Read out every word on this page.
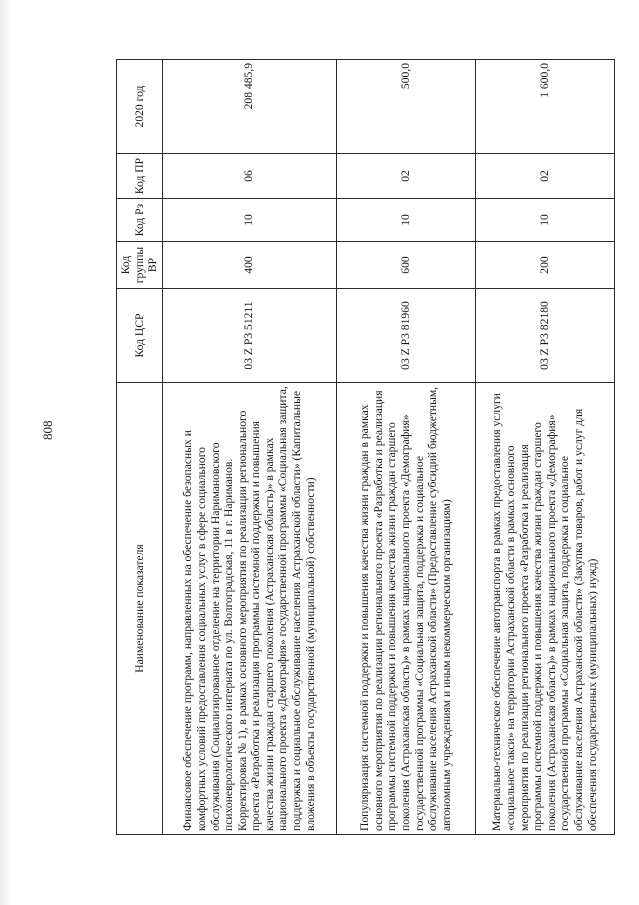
808
Наименование показателя	Код ЦСР	Код группы ВР	Код Рз	Код ПР	2020 год
Финансовое обеспечение программ, направленных на обеспечение безопасных и комфортных условий предоставления социальных услуг в сфере социального обслуживания (Социализированное отделение на территории Наримановского психоневрологического интерната по ул. Волгоградская, 11 в г. Нариманов. Корректировка № 1), в рамках основного мероприятия по реализации регионального проекта «Разработка и реализация программы системной поддержки и повышения качества жизни граждан старшего поколения (Астраханская область)» в рамках национального проекта «Демография» государственной программы «Социальная защита, поддержка и социальное обслуживание населения Астраханской области» (Капитальные вложения в объекты государственной (муниципальной) собственности)	03 Z P3 51211	400	10	06	208 485,9
Популяризация системной поддержки и повышения качества жизни граждан в рамках основного мероприятия по реализации регионального проекта «Разработка и реализация программы системной поддержки и повышения качества жизни граждан старшего поколения (Астраханская область)» в рамках национального проекта «Демография» государственной программы «Социальная защита, поддержка и социальное обслуживание населения Астраханской области» (Предоставление субсидий бюджетным, автономным учреждениям и иным некоммерческим организациям)	03 Z P3 81960	600	10	02	500,0
Материально-техническое обеспечение автотранспорта в рамках предоставления услуги «социальное такси» на территории Астраханской области в рамках основного мероприятия по реализации регионального проекта «Разработка и реализация программы системной поддержки и повышения качества жизни граждан старшего поколения (Астраханская область)» в рамках национального проекта «Демография» государственной программы «Социальная защита, поддержка и социальное обслуживание населения Астраханской области» (Закупка товаров, работ и услуг для обеспечения государственных (муниципальных) нужд)	03 Z P3 82180	200	10	02	1 600,0
